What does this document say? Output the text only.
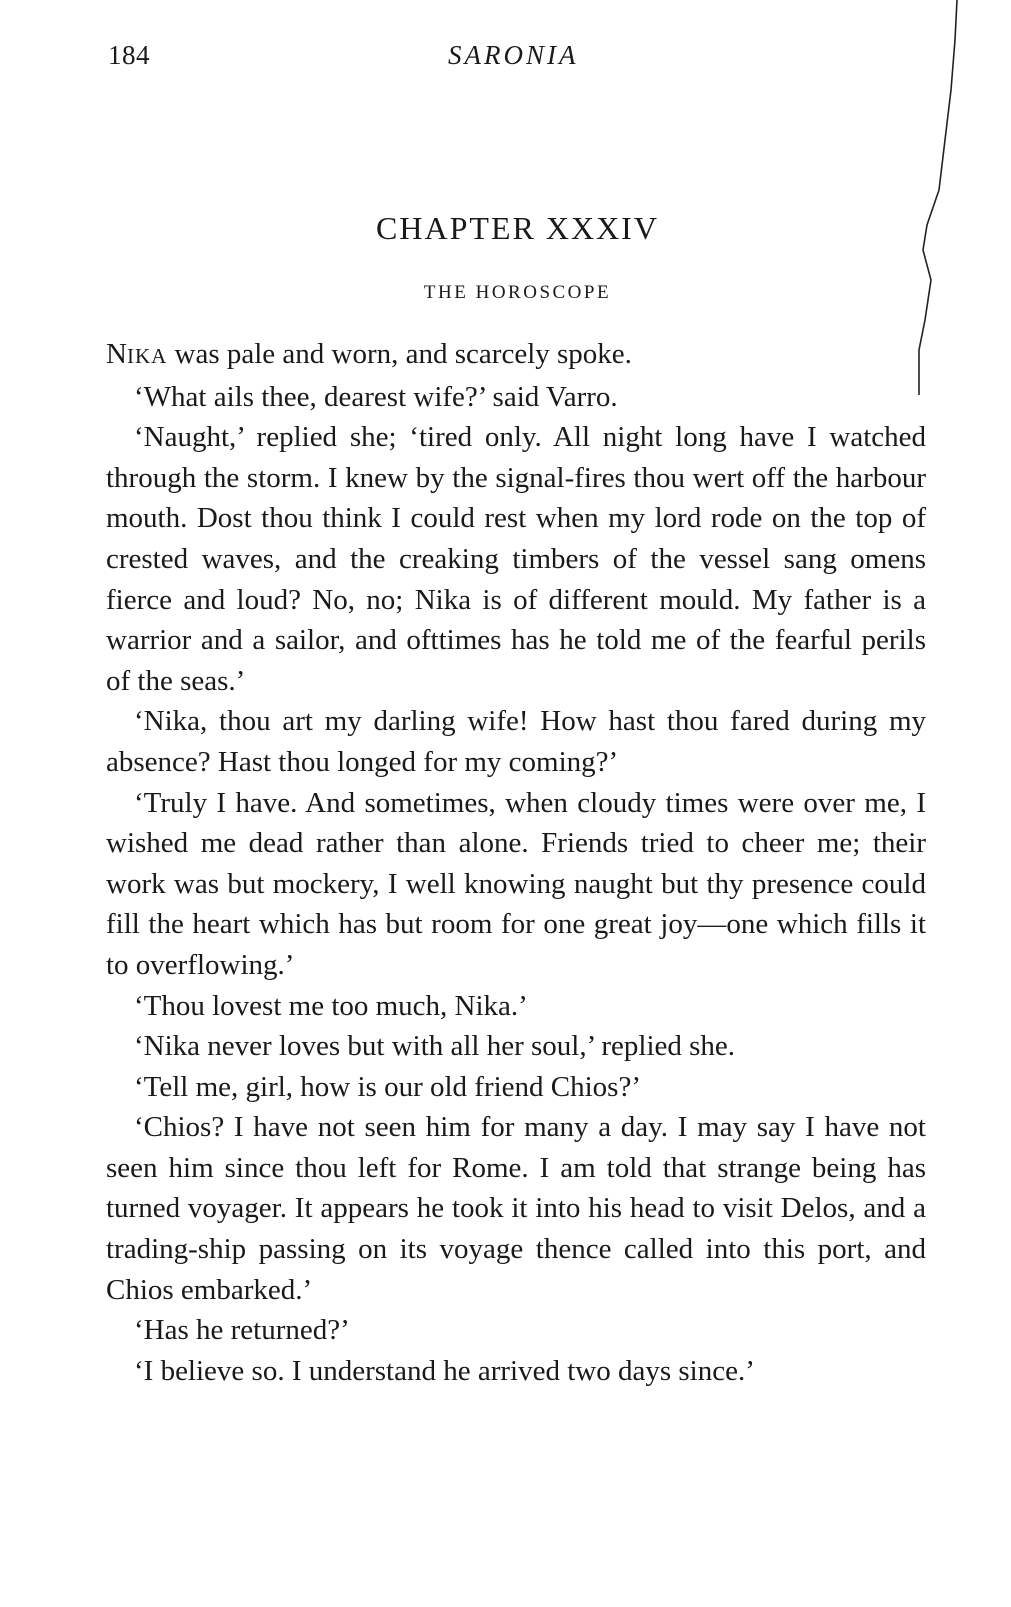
184	SARONIA
CHAPTER XXXIV
THE HOROSCOPE

NIKA was pale and worn, and scarcely spoke.

‘What ails thee, dearest wife?’ said Varro.

‘Naught,’ replied she; ‘tired only. All night long have I watched through the storm. I knew by the signal-fires thou wert off the harbour mouth. Dost thou think I could rest when my lord rode on the top of crested waves, and the creaking timbers of the vessel sang omens fierce and loud? No, no; Nika is of different mould. My father is a warrior and a sailor, and ofttimes has he told me of the fearful perils of the seas.’

‘Nika, thou art my darling wife! How hast thou fared during my absence? Hast thou longed for my coming?’

‘Truly I have. And sometimes, when cloudy times were over me, I wished me dead rather than alone. Friends tried to cheer me; their work was but mockery, I well knowing naught but thy presence could fill the heart which has but room for one great joy—one which fills it to overflowing.’

‘Thou lovest me too much, Nika.’

‘Nika never loves but with all her soul,’ replied she.

‘Tell me, girl, how is our old friend Chios?’

‘Chios? I have not seen him for many a day. I may say I have not seen him since thou left for Rome. I am told that strange being has turned voyager. It appears he took it into his head to visit Delos, and a trading-ship passing on its voyage thence called into this port, and Chios embarked.’

‘Has he returned?’

‘I believe so. I understand he arrived two days since.’
